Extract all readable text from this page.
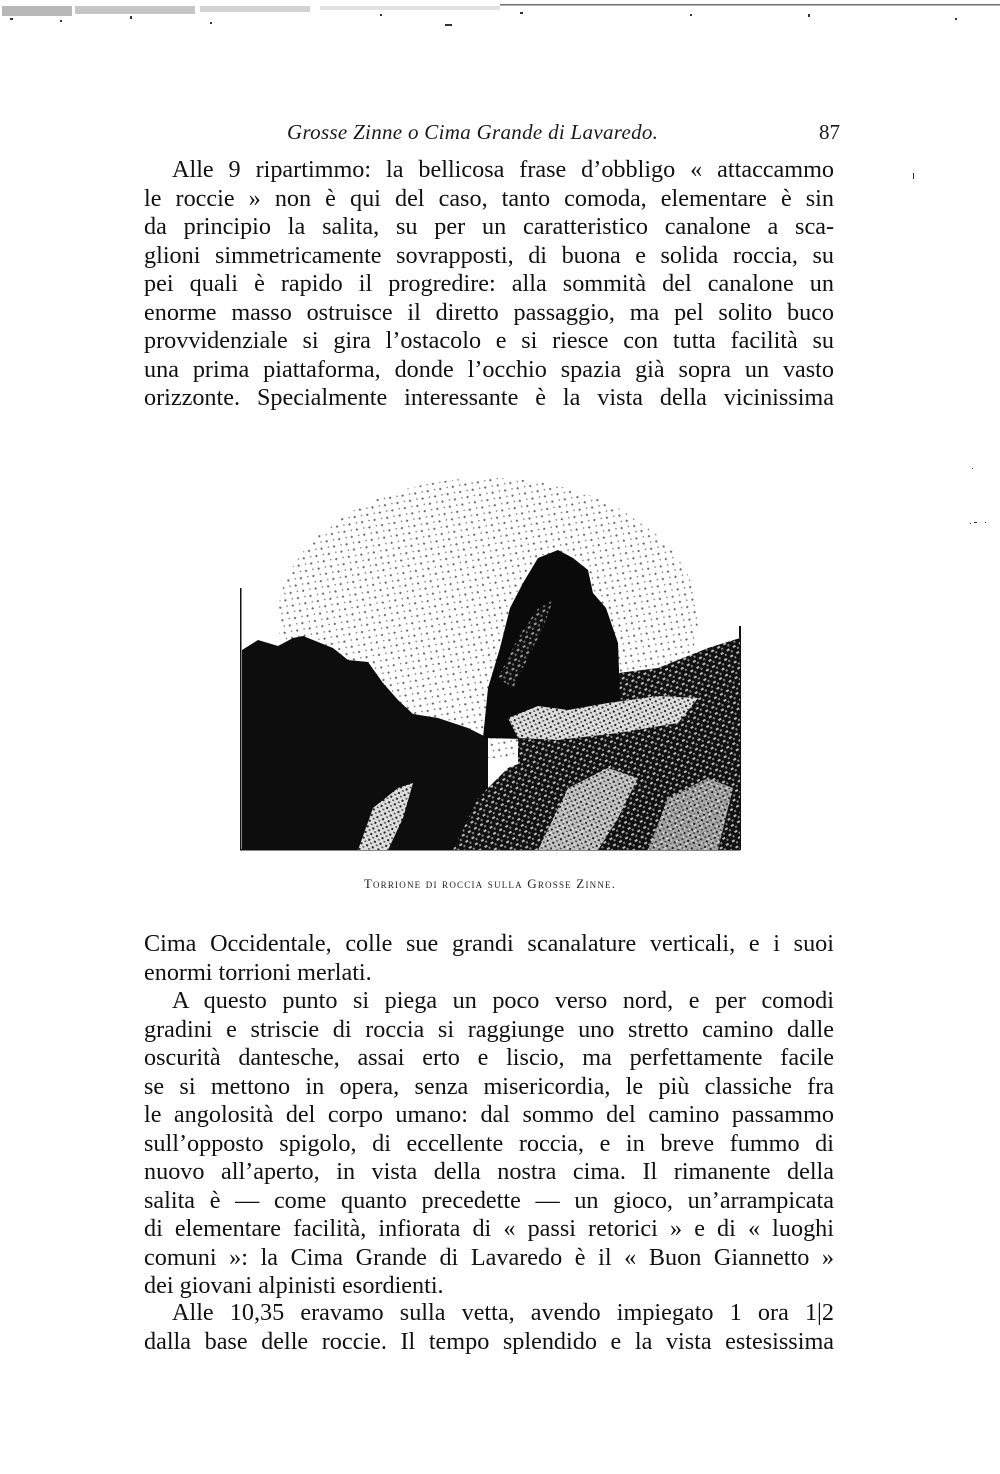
Grosse Zinne o Cima Grande di Lavaredo.	87
Alle 9 ripartimmo: la bellicosa frase d’obbligo « attaccammo
le roccie » non è qui del caso, tanto comoda, elementare è sin
da principio la salita, su per un caratteristico canalone a sca-
glioni simmetricamente sovrapposti, di buona e solida roccia, su
pei quali è rapido il progredire: alla sommità del canalone un
enorme masso ostruisce il diretto passaggio, ma pel solito buco
provvidenziale si gira l’ostacolo e si riesce con tutta facilità su
una prima piattaforma, donde l’occhio spazia già sopra un vasto
orizzonte. Specialmente interessante è la vista della vicinissima
Torrione di roccia sulla Grosse Zinne.
Cima Occidentale, colle sue grandi scanalature verticali, e i suoi
enormi torrioni merlati.
A questo punto si piega un poco verso nord, e per comodi
gradini e striscie di roccia si raggiunge uno stretto camino dalle
oscurità dantesche, assai erto e liscio, ma perfettamente facile
se si mettono in opera, senza misericordia, le più classiche fra
le angolosità del corpo umano: dal sommo del camino passammo
sull’opposto spigolo, di eccellente roccia, e in breve fummo di
nuovo all’aperto, in vista della nostra cima. Il rimanente della
salita è — come quanto precedette — un gioco, un’arrampicata
di elementare facilità, infiorata di « passi retorici » e di « luoghi
comuni »: la Cima Grande di Lavaredo è il « Buon Giannetto »
dei giovani alpinisti esordienti.
Alle 10,35 eravamo sulla vetta, avendo impiegato 1 ora 1|2
dalla base delle roccie. Il tempo splendido e la vista estesissima
